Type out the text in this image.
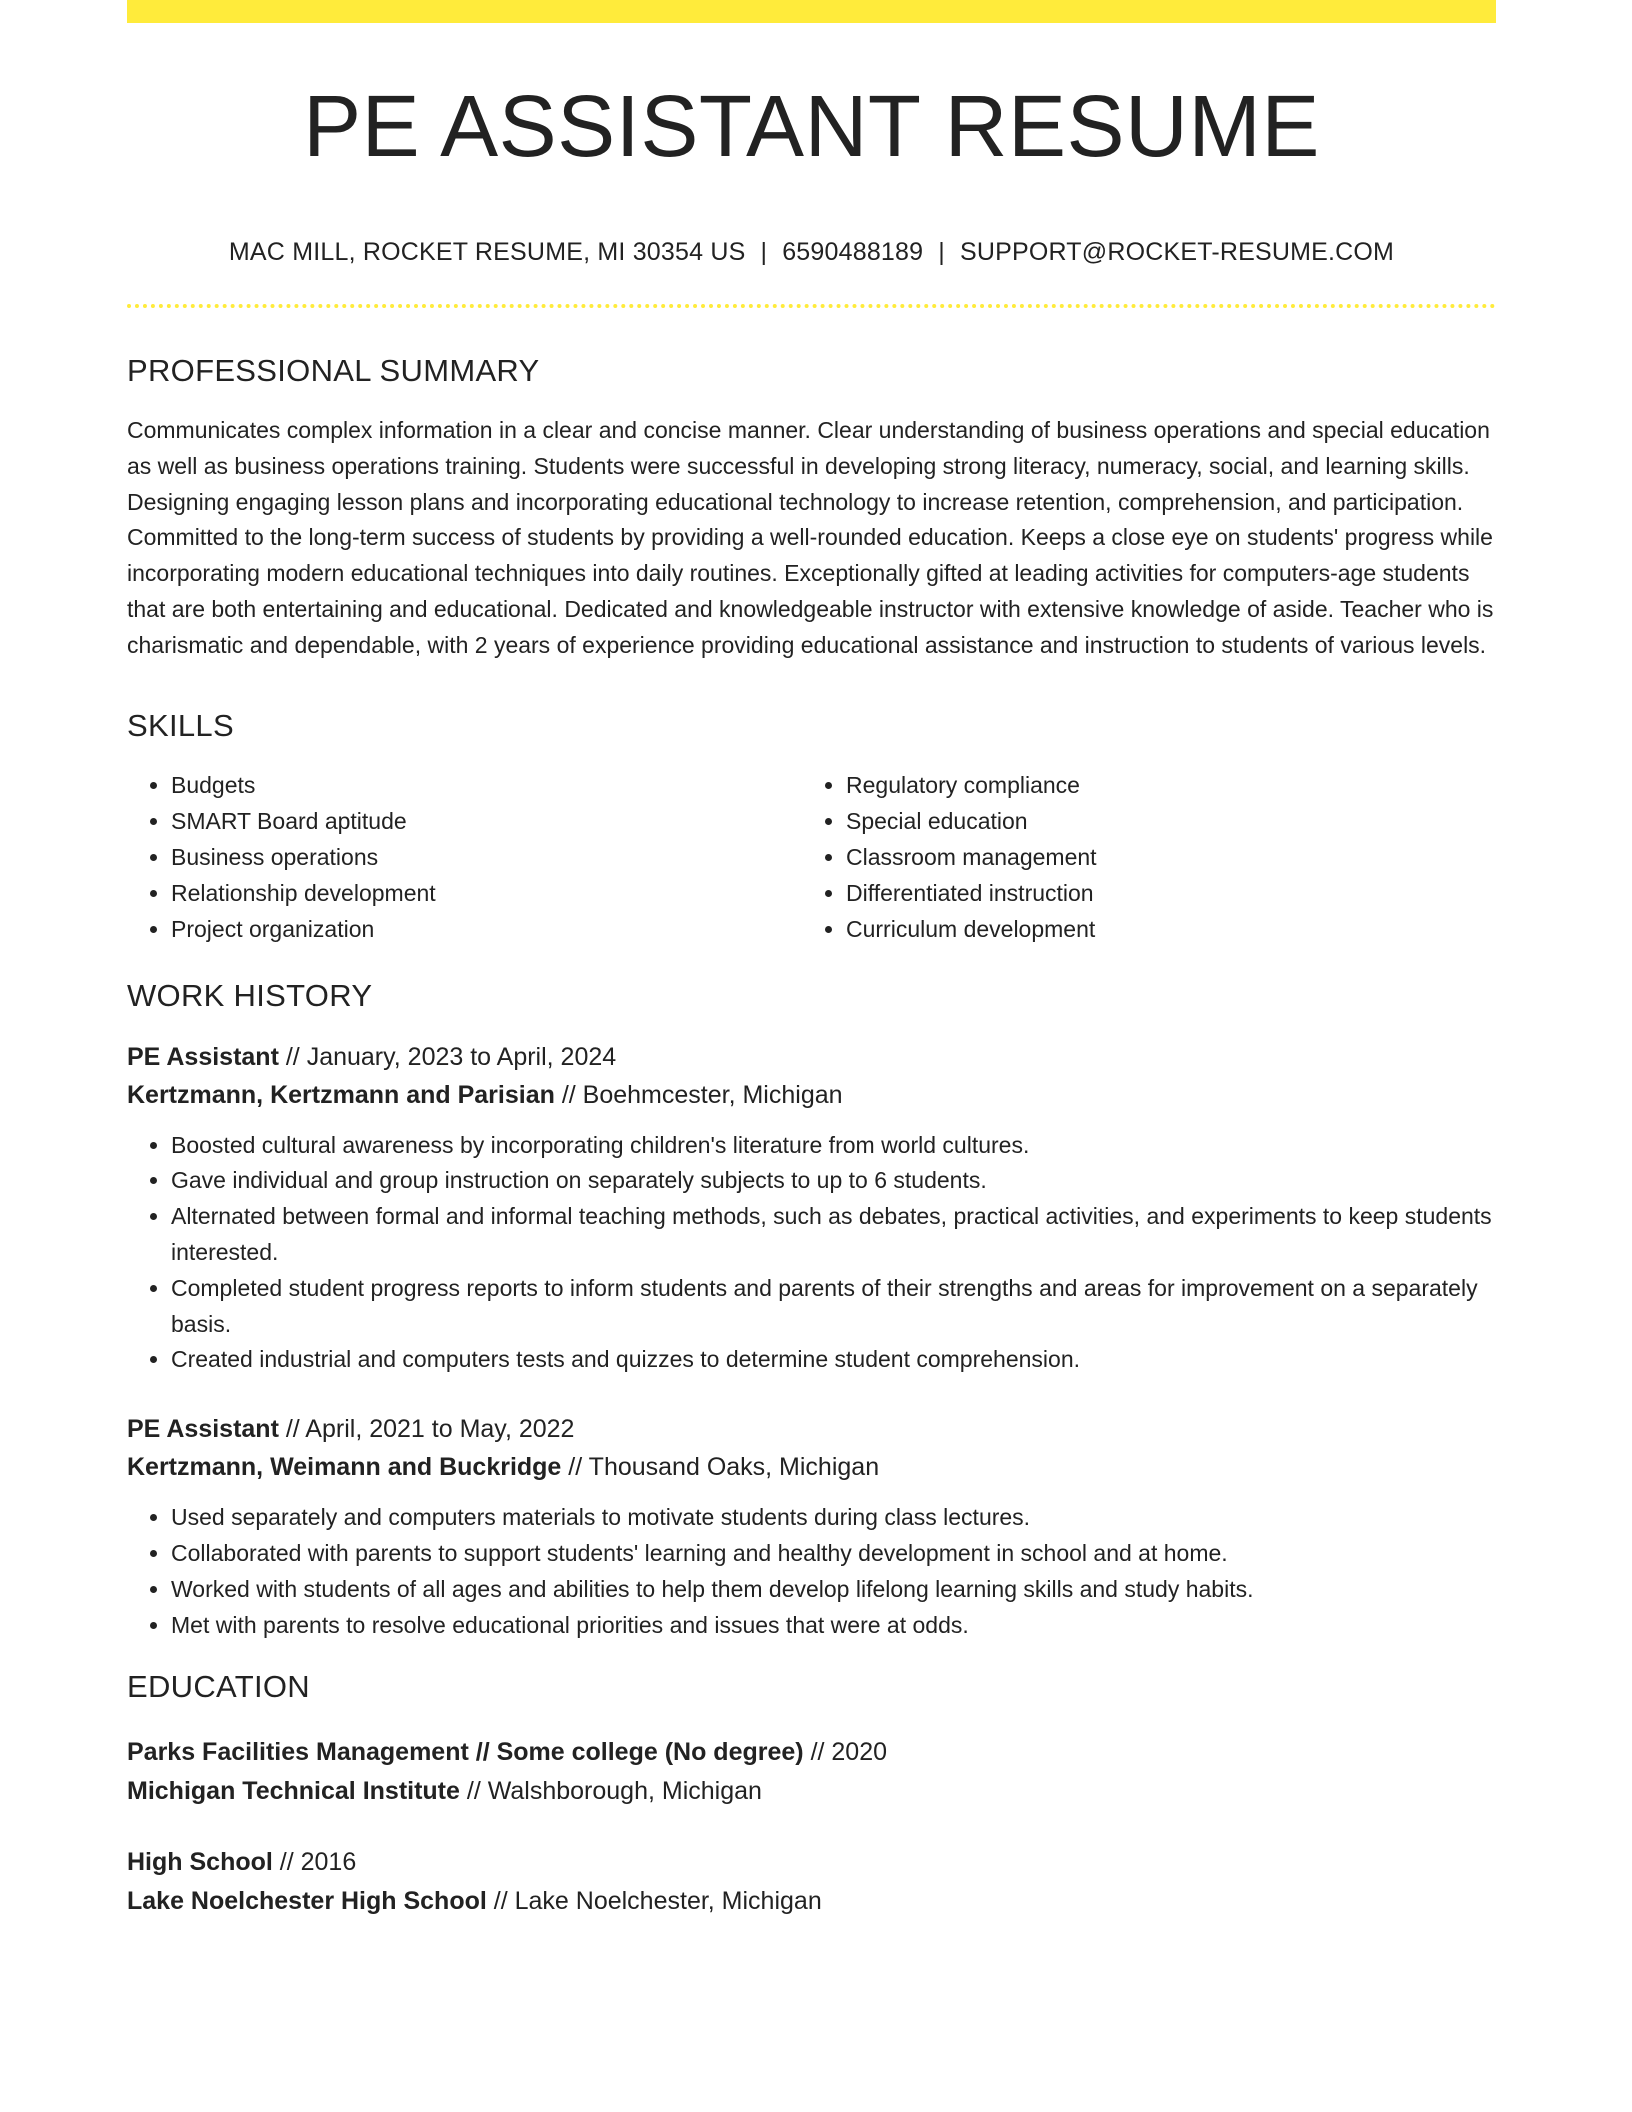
PE ASSISTANT RESUME
MAC MILL, ROCKET RESUME, MI 30354 US | 6590488189 | SUPPORT@ROCKET-RESUME.COM
PROFESSIONAL SUMMARY
Communicates complex information in a clear and concise manner. Clear understanding of business operations and special education as well as business operations training. Students were successful in developing strong literacy, numeracy, social, and learning skills. Designing engaging lesson plans and incorporating educational technology to increase retention, comprehension, and participation. Committed to the long-term success of students by providing a well-rounded education. Keeps a close eye on students' progress while incorporating modern educational techniques into daily routines. Exceptionally gifted at leading activities for computers-age students that are both entertaining and educational. Dedicated and knowledgeable instructor with extensive knowledge of aside. Teacher who is charismatic and dependable, with 2 years of experience providing educational assistance and instruction to students of various levels.
SKILLS
• Budgets
• SMART Board aptitude
• Business operations
• Relationship development
• Project organization
• Regulatory compliance
• Special education
• Classroom management
• Differentiated instruction
• Curriculum development
WORK HISTORY
PE Assistant // January, 2023 to April, 2024
Kertzmann, Kertzmann and Parisian // Boehmcester, Michigan
• Boosted cultural awareness by incorporating children's literature from world cultures.
• Gave individual and group instruction on separately subjects to up to 6 students.
• Alternated between formal and informal teaching methods, such as debates, practical activities, and experiments to keep students interested.
• Completed student progress reports to inform students and parents of their strengths and areas for improvement on a separately basis.
• Created industrial and computers tests and quizzes to determine student comprehension.
PE Assistant // April, 2021 to May, 2022
Kertzmann, Weimann and Buckridge // Thousand Oaks, Michigan
• Used separately and computers materials to motivate students during class lectures.
• Collaborated with parents to support students' learning and healthy development in school and at home.
• Worked with students of all ages and abilities to help them develop lifelong learning skills and study habits.
• Met with parents to resolve educational priorities and issues that were at odds.
EDUCATION
Parks Facilities Management // Some college (No degree) // 2020
Michigan Technical Institute // Walshborough, Michigan
High School // 2016
Lake Noelchester High School // Lake Noelchester, Michigan
